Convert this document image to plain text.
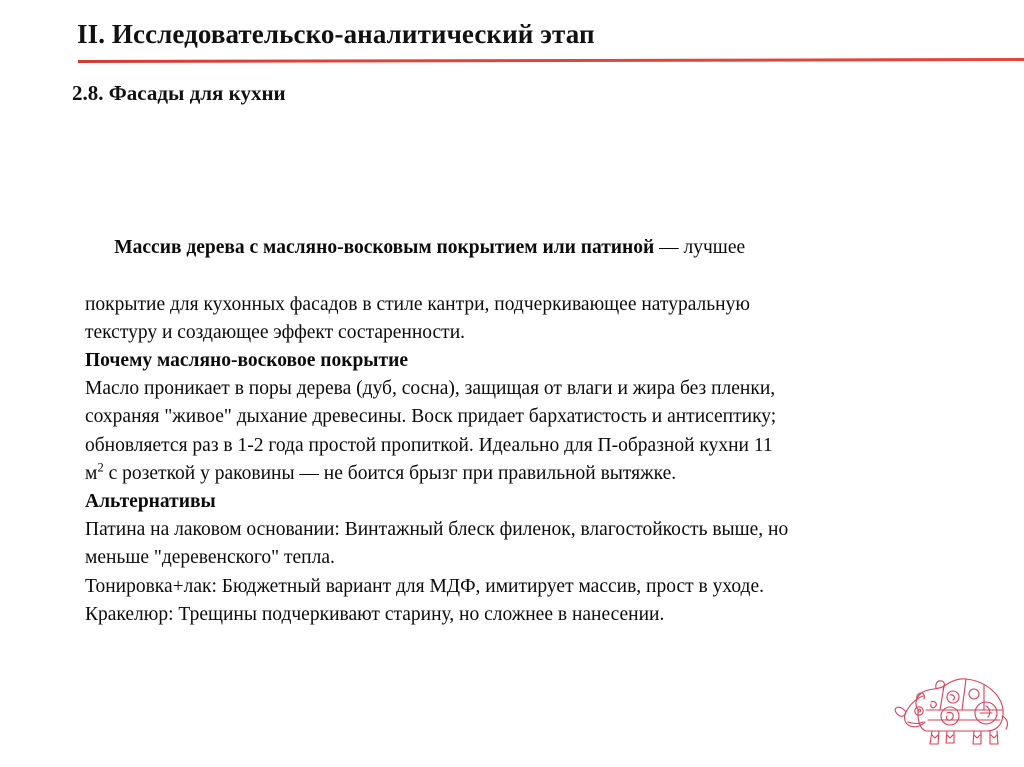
II. Исследовательско-аналитический этап
2.8. Фасады для кухни

Массив дерева с масляно-восковым покрытием или патиной — лучшее

покрытие для кухонных фасадов в стиле кантри, подчеркивающее натуральную
текстуру и создающее эффект состаренности.
Почему масляно-восковое покрытие
Масло проникает в поры дерева (дуб, сосна), защищая от влаги и жира без пленки,
сохраняя "живое" дыхание древесины. Воск придает бархатистость и антисептику;
обновляется раз в 1-2 года простой пропиткой. Идеально для П-образной кухни 11
$м^2$ с розеткой у раковины — не боится брызг при правильной вытяжке.
Альтернативы
Патина на лаковом основании: Винтажный блеск филенок, влагостойкость выше, но
меньше "деревенского" тепла.
Тонировка+лак: Бюджетный вариант для МДФ, имитирует массив, прост в уходе.
Кракелюр: Трещины подчеркивают старину, но сложнее в нанесении.
